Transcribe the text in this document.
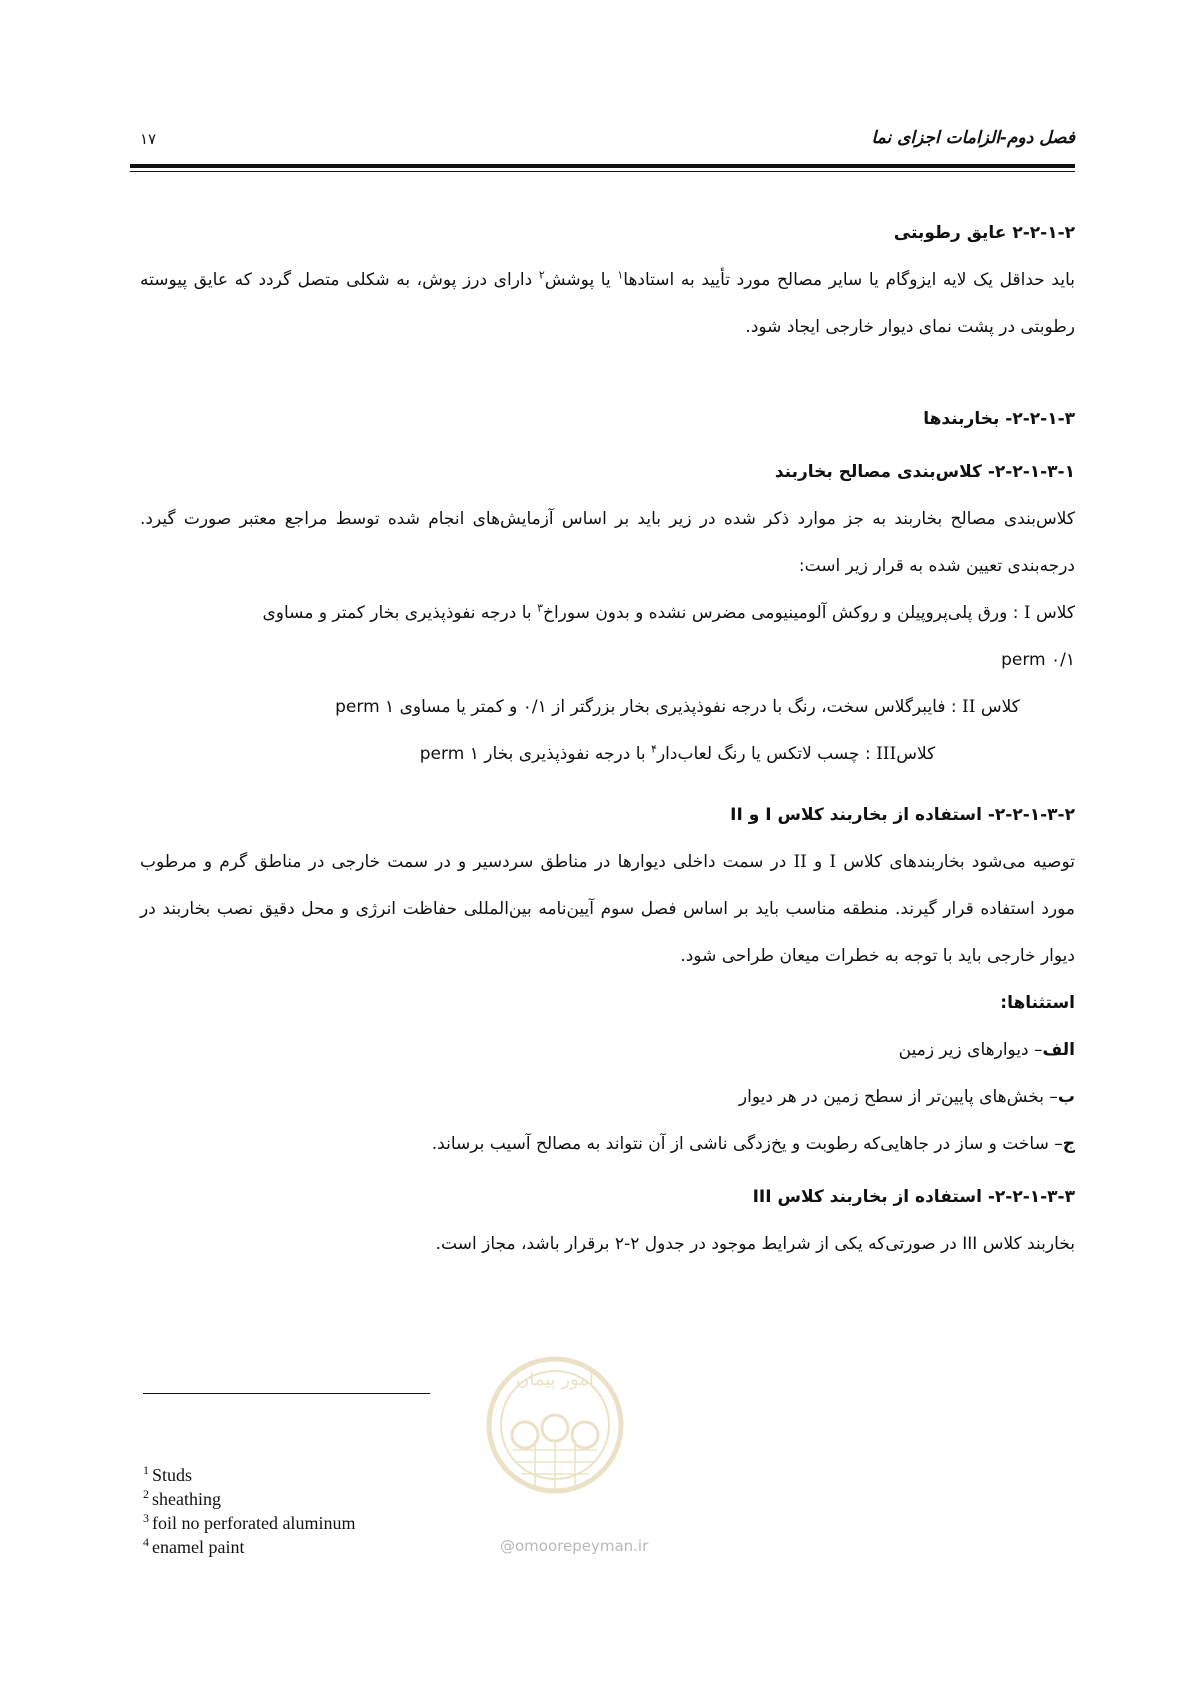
فصل دوم-الزامات اجزای نما
۱۷

۲-۲-۱-۲ عایق رطوبتی

باید حداقل یک لایه ایزوگام یا سایر مصالح مورد تأیید به استادها$^۱$ یا پوشش$^۲$ دارای درز پوش، به شکلی متصل گردد که عایق پیوسته رطوبتی در پشت نمای دیوار خارجی ایجاد شود.

۲-۲-۱-۳- بخاربندها

۲-۲-۱-۳-۱- کلاس‌بندی مصالح بخاربند

کلاس‌بندی مصالح بخاربند به جز موارد ذکر شده در زیر باید بر اساس آزمایش‌های انجام شده توسط مراجع معتبر صورت گیرد. درجه‌بندی تعیین شده به قرار زیر است:

کلاس I : ورق پلی‌پروپیلن و روکش آلومینیومی مضرس نشده و بدون سوراخ$^۳$ با درجه نفوذپذیری بخار کمتر و مساوی

perm ۰/۱

کلاس II : فایبرگلاس سخت، رنگ با درجه نفوذپذیری بخار بزرگتر از ۰/۱ و کمتر یا مساوی ۱ perm

کلاسIII : چسب لاتکس یا رنگ لعاب‌دار$^۴$ با درجه نفوذپذیری بخار ۱ perm

۲-۲-۱-۳-۲- استفاده از بخاربند کلاس I و II

توصیه می‌شود بخاربندهای کلاس I و II در سمت داخلی دیوارها در مناطق سردسیر و در سمت خارجی در مناطق گرم و مرطوب مورد استفاده قرار گیرند. منطقه مناسب باید بر اساس فصل سوم آیین‌نامه بین‌المللی حفاظت انرژی و محل دقیق نصب بخاربند در دیوار خارجی باید با توجه به خطرات میعان طراحی شود.

استثناها:

الف– دیوارهای زیر زمین

ب– بخش‌های پایین‌تر از سطح زمین در هر دیوار

ج– ساخت و ساز در جاهایی‌که رطوبت و یخ‌زدگی ناشی از آن نتواند به مصالح آسیب برساند.

۲-۲-۱-۳-۳- استفاده از بخاربند کلاس III

بخاربند کلاس III در صورتی‌که یکی از شرایط موجود در جدول ۲-۲ برقرار باشد، مجاز است.

$^1$ Studs
$^2$ sheathing
$^3$ foil no perforated aluminum
$^4$ enamel paint
امور پیمان
@omoorepeyman.ir
